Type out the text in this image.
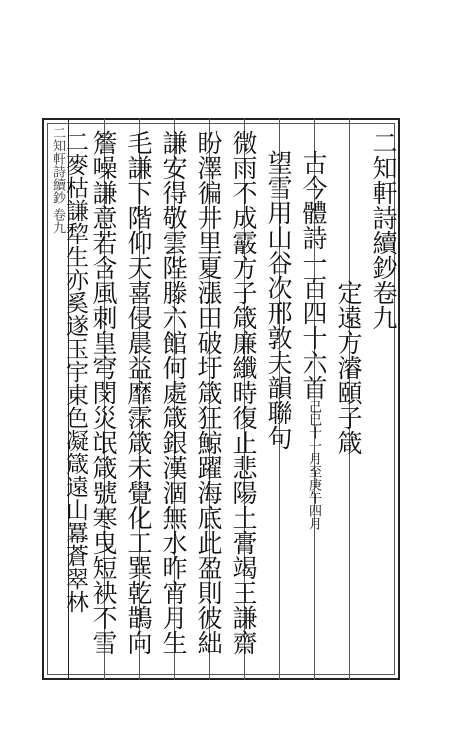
二知軒詩續鈔 卷九	二知軒詩續鈔卷九
定遠方濬頤子箴
古今體詩一百四十六首己巳十一月至庚午四月
望雪用山谷次邢敦夫韻聯句
微雨不成霰方子箴廉纖時復止悲陽土膏竭王謙齋
盼澤徧井里夏漲田破圩箴狂鯨躍海底此盈則彼絀
謙安得敬雲陛滕六館何處箴銀漢涸無水昨宵月生
毛謙下階仰天喜侵晨益靡霂箴未覺化工巽乾鵲向
簷噪謙意若含風刺皇穹閔災氓箴號寒曳短袂不雪
二麥枯謙犂生亦奚遂玉宇東色凝箴遠山羃蒼翠林
